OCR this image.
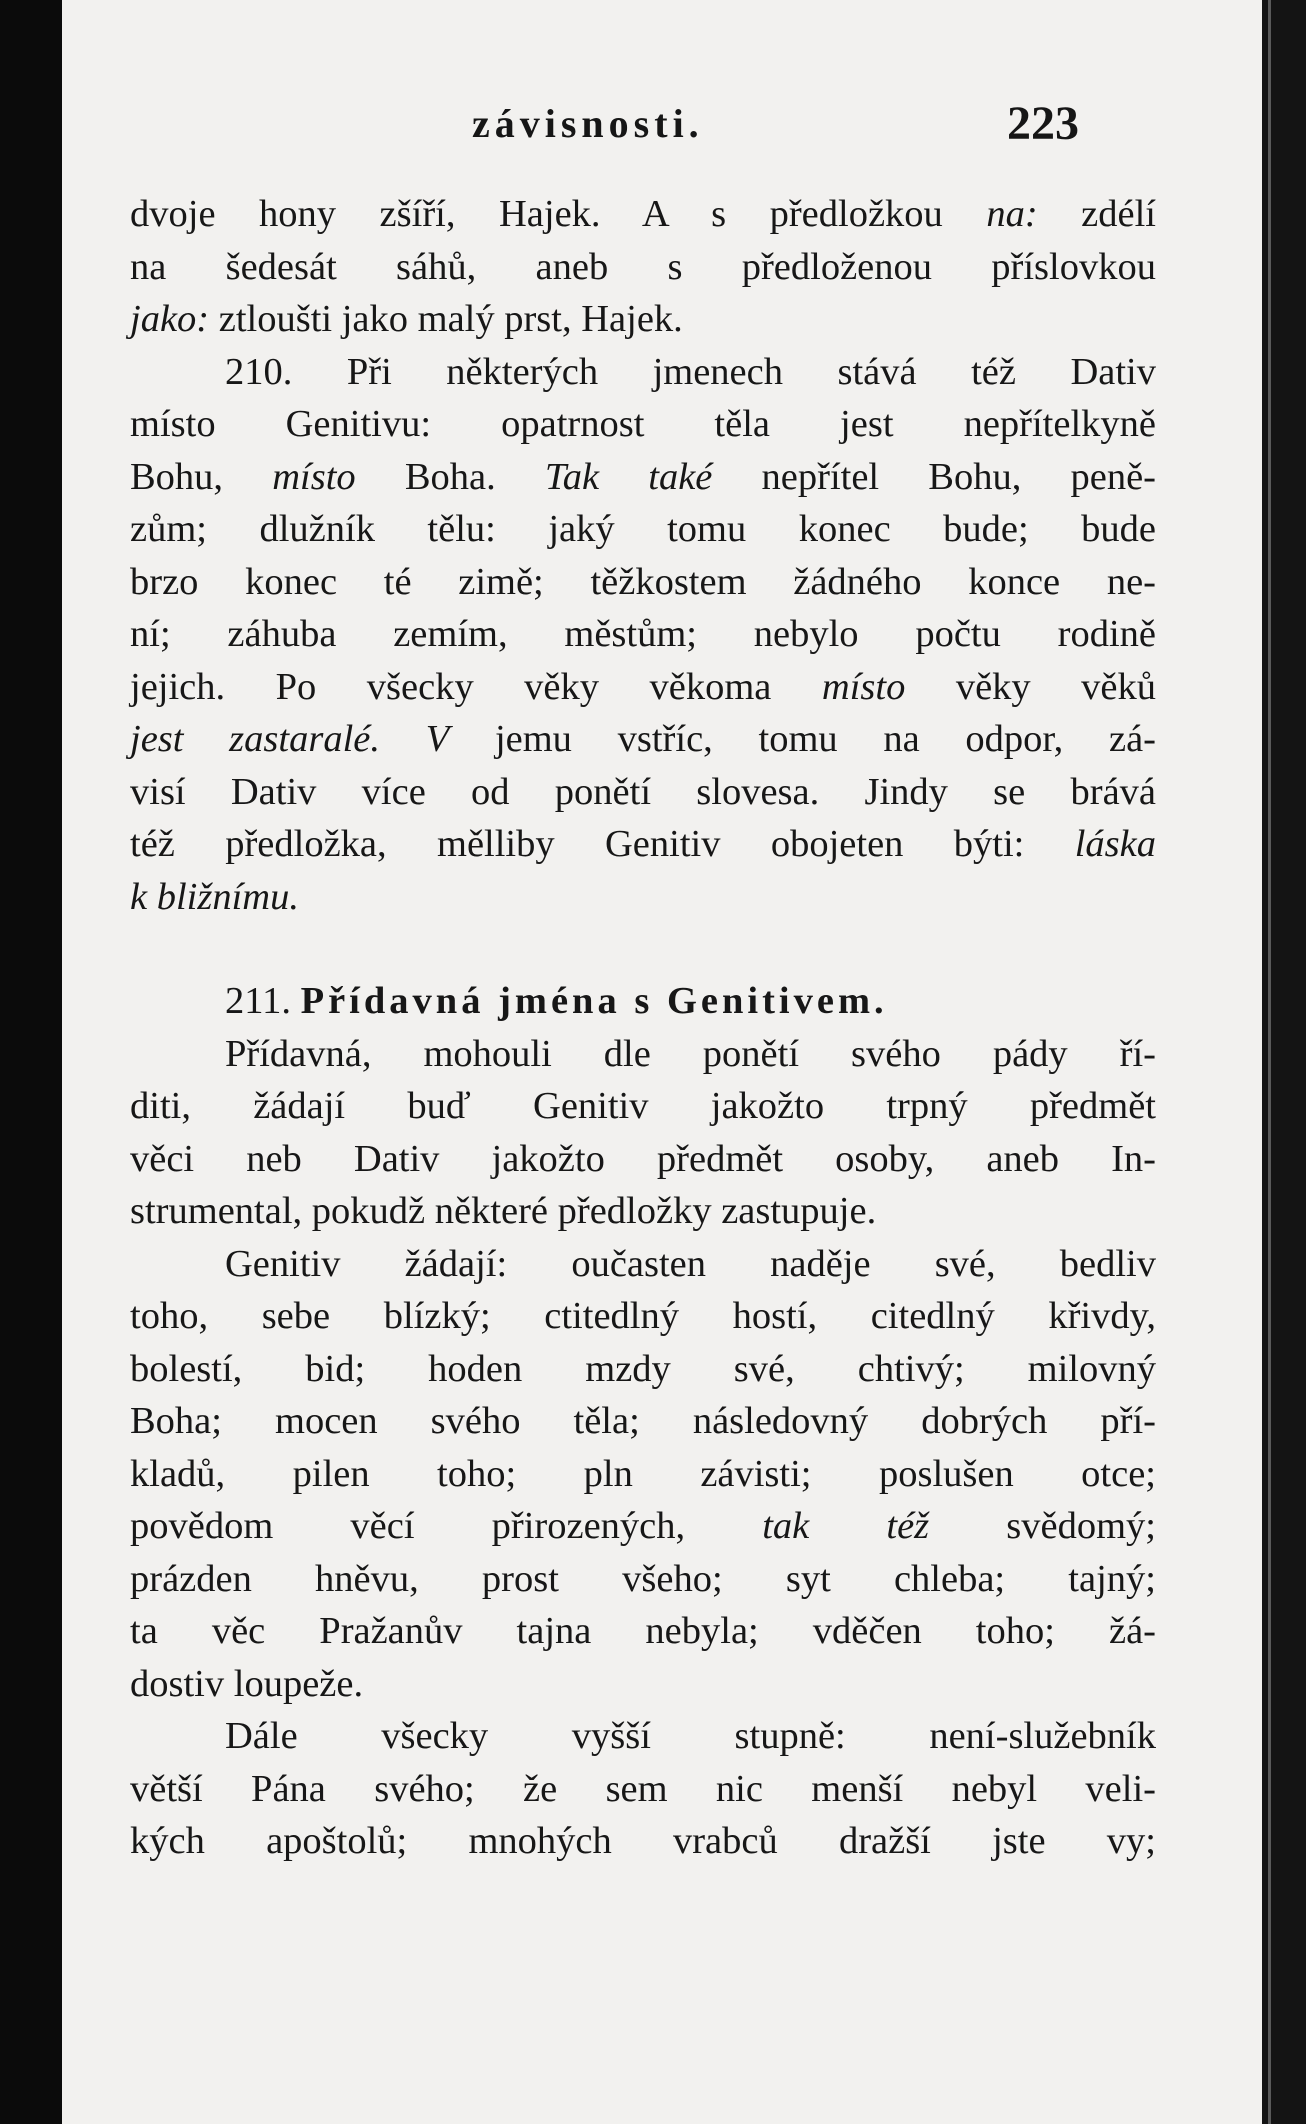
závisnosti.	223
dvoje hony zšíří, Hajek. A s předložkou na: zdélí
na šedesát sáhů, aneb s předloženou příslovkou
jako: ztloušti jako malý prst, Hajek.
210. Při některých jmenech stává též Dativ
místo Genitivu: opatrnost těla jest nepřítelkyně
Bohu, místo Boha. Tak také nepřítel Bohu, peně-
zům; dlužník tělu: jaký tomu konec bude; bude
brzo konec té zimě; těžkostem žádného konce ne-
ní; záhuba zemím, městům; nebylo počtu rodině
jejich. Po všecky věky věkoma místo věky věků
jest zastaralé. V jemu vstříc, tomu na odpor, zá-
visí Dativ více od ponětí slovesa. Jindy se brává
též předložka, mělliby Genitiv obojeten býti: láska
k bližnímu.
211. Přídavná jména s Genitivem.
Přídavná, mohouli dle ponětí svého pády ří-
diti, žádají buď Genitiv jakožto trpný předmět
věci neb Dativ jakožto předmět osoby, aneb In-
strumental, pokudž některé předložky zastupuje.
Genitiv žádají: oučasten naděje své, bedliv
toho, sebe blízký; ctitedlný hostí, citedlný křivdy,
bolestí, bid; hoden mzdy své, chtivý; milovný
Boha; mocen svého těla; následovný dobrých pří-
kladů, pilen toho; pln závisti; poslušen otce;
povědom věcí přirozených, tak též svědomý;
prázden hněvu, prost všeho; syt chleba; tajný;
ta věc Pražanův tajna nebyla; vděčen toho; žá-
dostiv loupeže.
Dále všecky vyšší stupně: není-služebník
větší Pána svého; že sem nic menší nebyl veli-
kých apoštolů; mnohých vrabců dražší jste vy;
